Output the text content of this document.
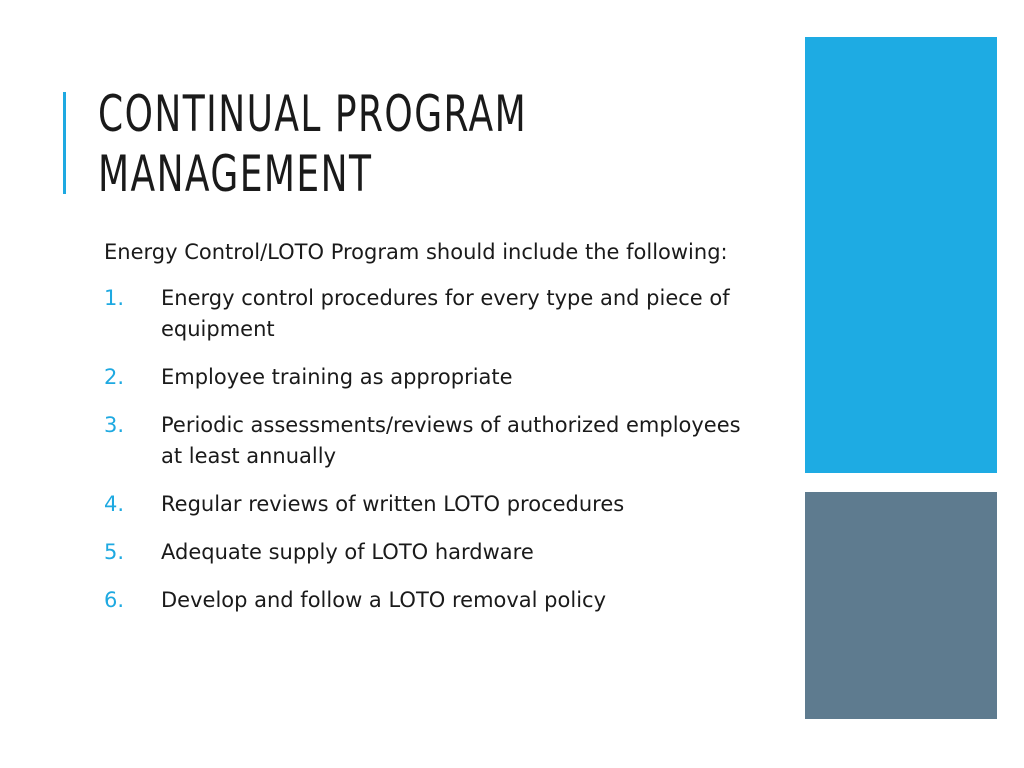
CONTINUAL PROGRAM
MANAGEMENT

Energy Control/LOTO Program should include the following:

1.	Energy control procedures for every type and piece of equipment
2.	Employee training as appropriate
3.	Periodic assessments/reviews of authorized employees at least annually
4.	Regular reviews of written LOTO procedures
5.	Adequate supply of LOTO hardware
6.	Develop and follow a LOTO removal policy
